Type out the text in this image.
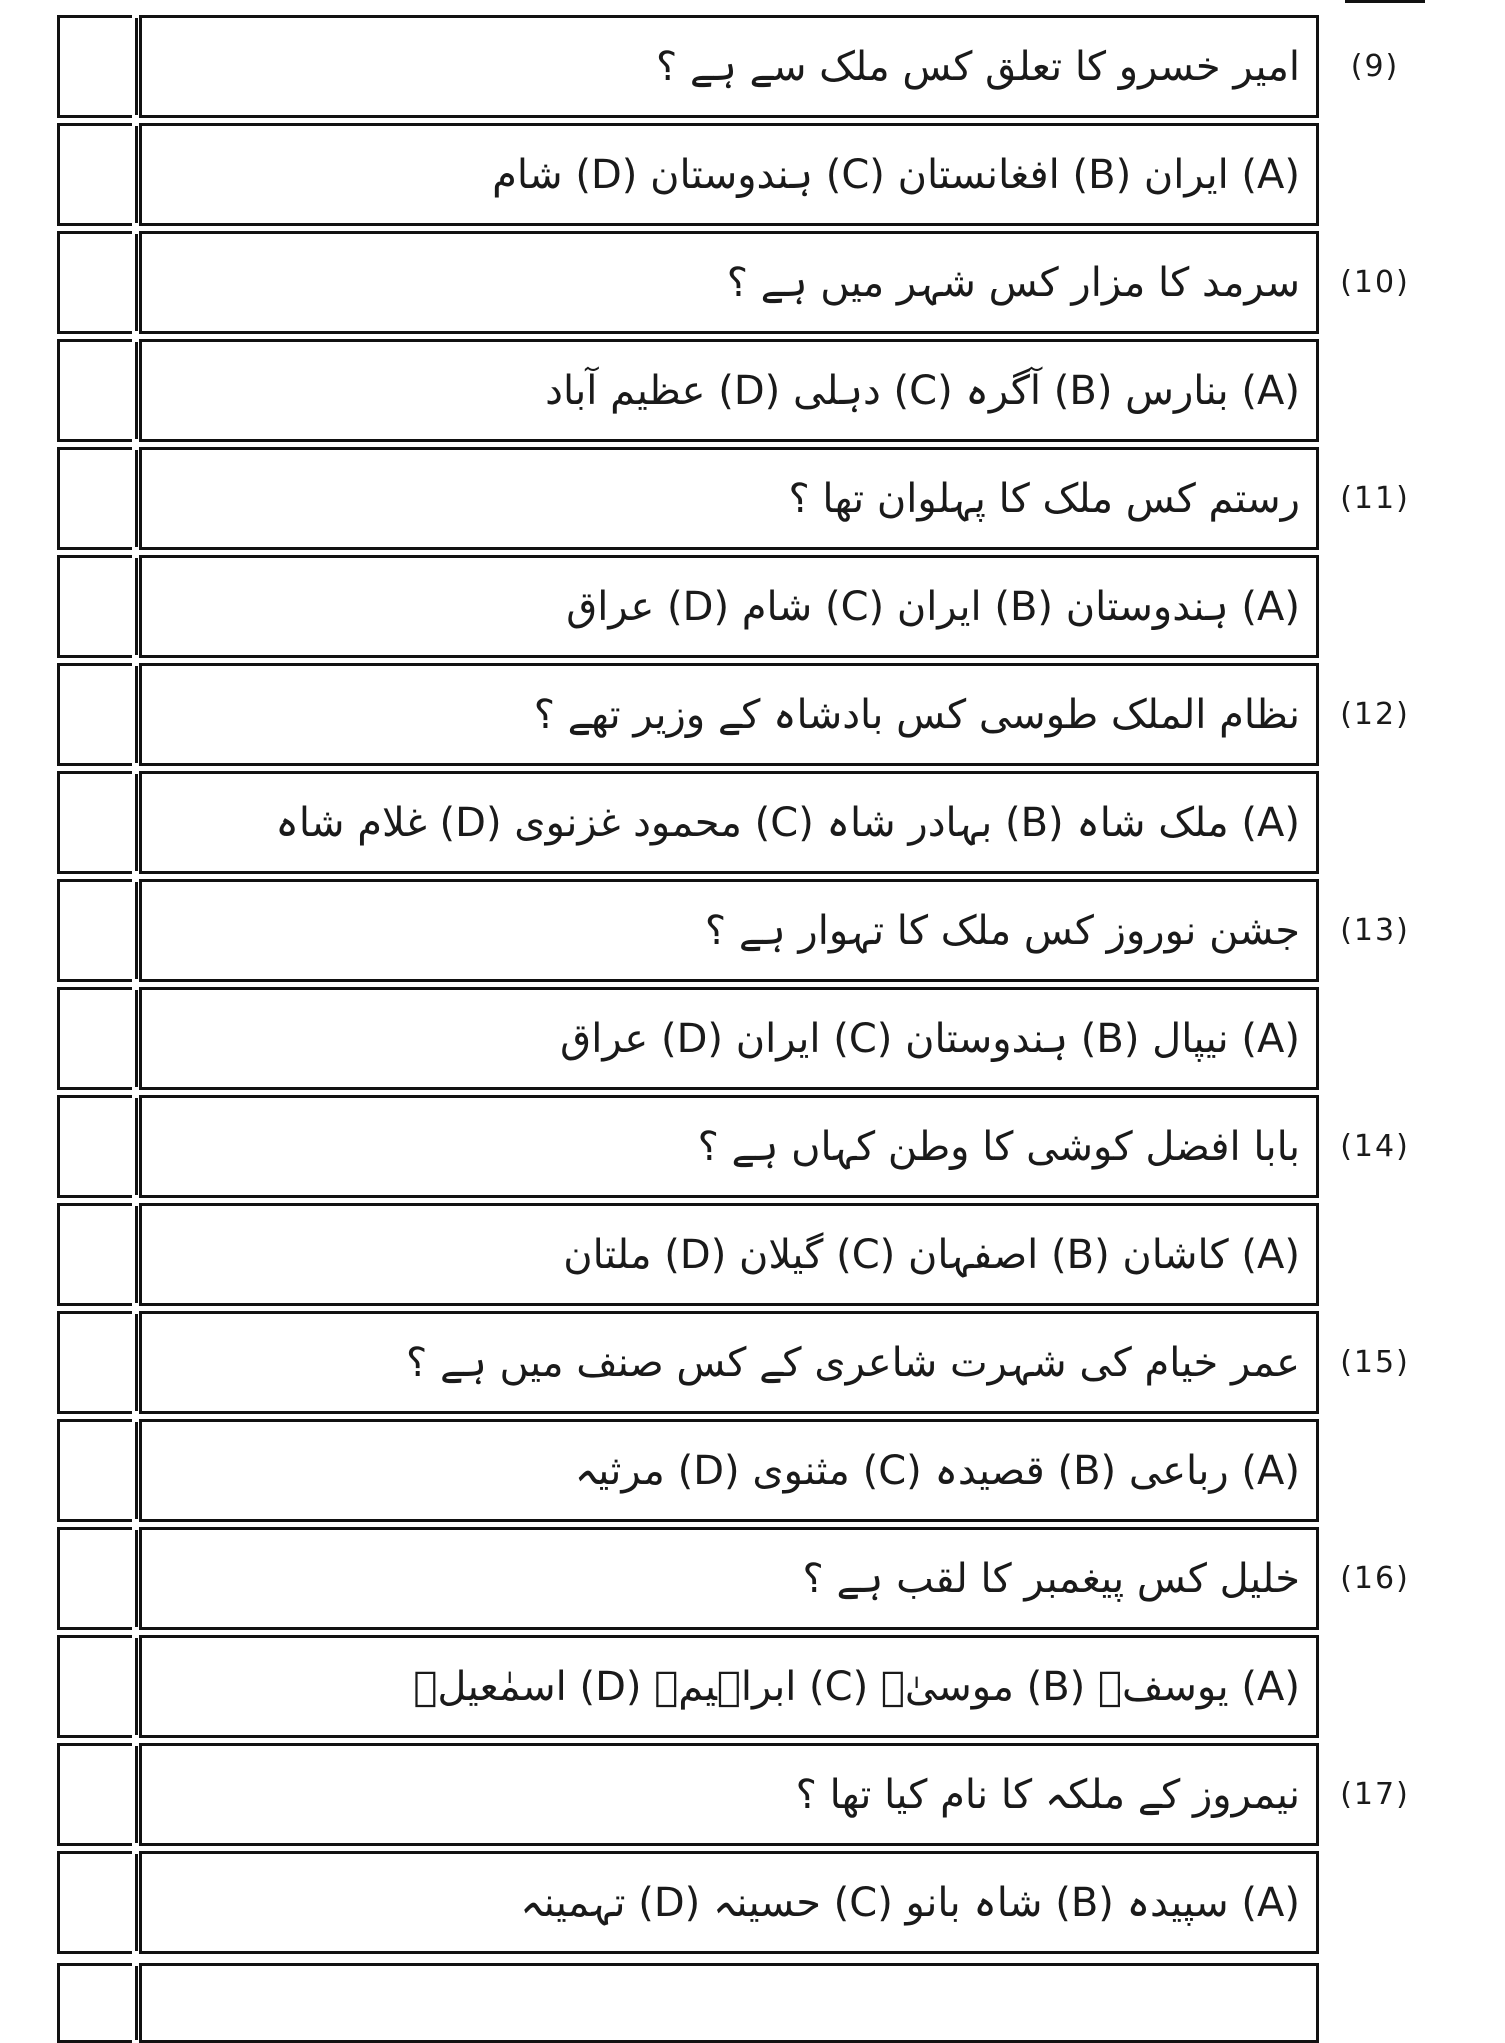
امیر خسرو کا تعلق کس ملک سے ہے ؟	(9)
(A) ایران (B) افغانستان (C) ہندوستان (D) شام
سرمد کا مزار کس شہر میں ہے ؟	(10)
(A) بنارس (B) آگرہ (C) دہلی (D) عظیم آباد
رستم کس ملک کا پہلوان تھا ؟	(11)
(A) ہندوستان (B) ایران (C) شام (D) عراق
نظام الملک طوسی کس بادشاہ کے وزیر تھے ؟	(12)
(A) ملک شاہ (B) بہادر شاہ (C) محمود غزنوی (D) غلام شاہ
جشن نوروز کس ملک کا تہوار ہے ؟	(13)
(A) نیپال (B) ہندوستان (C) ایران (D) عراق
بابا افضل کوشی کا وطن کہاں ہے ؟	(14)
(A) کاشان (B) اصفہان (C) گیلان (D) ملتان
عمر خیام کی شہرت شاعری کے کس صنف میں ہے ؟	(15)
(A) رباعی (B) قصیدہ (C) مثنوی (D) مرثیہ
خلیل کس پیغمبر کا لقب ہے ؟	(16)
(A) یوسفؑ (B) موسیٰؑ (C) ابراہیمؑ (D) اسمٰعیلؑ
نیمروز کے ملکہ کا نام کیا تھا ؟	(17)
(A) سپیدہ (B) شاہ بانو (C) حسینہ (D) تہمینہ
